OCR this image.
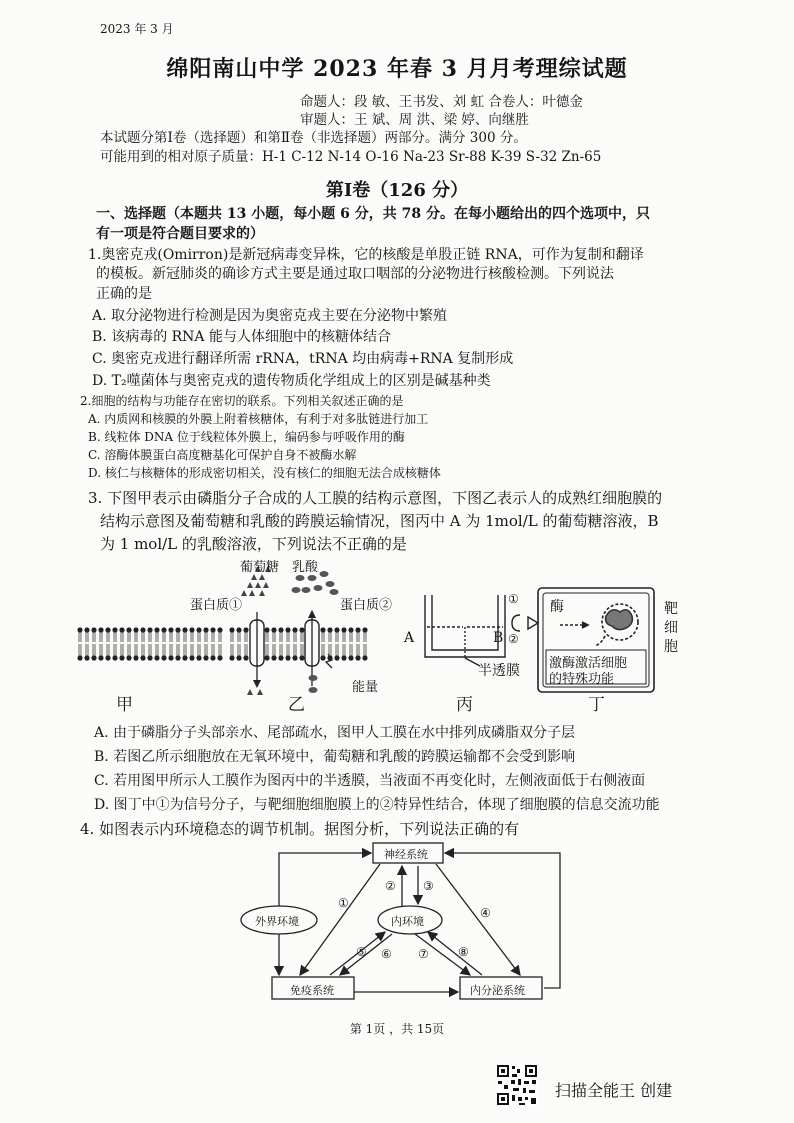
2023 年 3 月
绵阳南山中学 2023 年春 3 月月考理综试题
命题人：段 敏、王书发、刘 虹 合卷人：叶德金
审题人：王 斌、周 洪、梁 婷、向继胜
本试题分第Ⅰ卷（选择题）和第Ⅱ卷（非选择题）两部分。满分 300 分。
可能用到的相对原子质量：H-1 C-12 N-14 O-16 Na-23 Sr-88 K-39 S-32 Zn-65
第Ⅰ卷（126 分）
一、选择题（本题共 13 小题，每小题 6 分，共 78 分。在每小题给出的四个选项中，只
有一项是符合题目要求的）
1.奥密克戎(Omirron)是新冠病毒变异株，它的核酸是单股正链 RNA，可作为复制和翻译
的模板。新冠肺炎的确诊方式主要是通过取口咽部的分泌物进行核酸检测。下列说法
正确的是
A. 取分泌物进行检测是因为奥密克戎主要在分泌物中繁殖
B. 该病毒的 RNA 能与人体细胞中的核糖体结合
C. 奥密克戎进行翻译所需 rRNA，tRNA 均由病毒+RNA 复制形成
D. T₂噬菌体与奥密克戎的遗传物质化学组成上的区别是碱基种类
2.细胞的结构与功能存在密切的联系。下列相关叙述正确的是
A. 内质网和核膜的外膜上附着核糖体，有利于对多肽链进行加工
B. 线粒体 DNA 位于线粒体外膜上，编码参与呼吸作用的酶
C. 溶酶体膜蛋白高度糖基化可保护自身不被酶水解
D. 核仁与核糖体的形成密切相关，没有核仁的细胞无法合成核糖体
3. 下图甲表示由磷脂分子合成的人工膜的结构示意图，下图乙表示人的成熟红细胞膜的
结构示意图及葡萄糖和乳酸的跨膜运输情况，图丙中 A 为 1mol/L 的葡萄糖溶液，B
为 1 mol/L 的乳酸溶液，下列说法不正确的是
葡萄糖 乳酸
蛋白质①	蛋白质②
能量
A	B
半透膜
①
②
酶	靶
细
胞
激酶激活细胞
的特殊功能
甲	乙	丙	丁
A. 由于磷脂分子头部亲水、尾部疏水，图甲人工膜在水中排列成磷脂双分子层
B. 若图乙所示细胞放在无氧环境中，葡萄糖和乳酸的跨膜运输都不会受到影响
C. 若用图甲所示人工膜作为图丙中的半透膜，当液面不再变化时，左侧液面低于右侧液面
D. 图丁中①为信号分子，与靶细胞细胞膜上的②特异性结合，体现了细胞膜的信息交流功能
4. 如图表示内环境稳态的调节机制。据图分析，下列说法正确的有
神经系统
外界环境	内环境
免疫系统	内分泌系统
①
② ③
④
⑤ ⑥ ⑦ ⑧
第 1页 ，共 15页
扫描全能王 创建
